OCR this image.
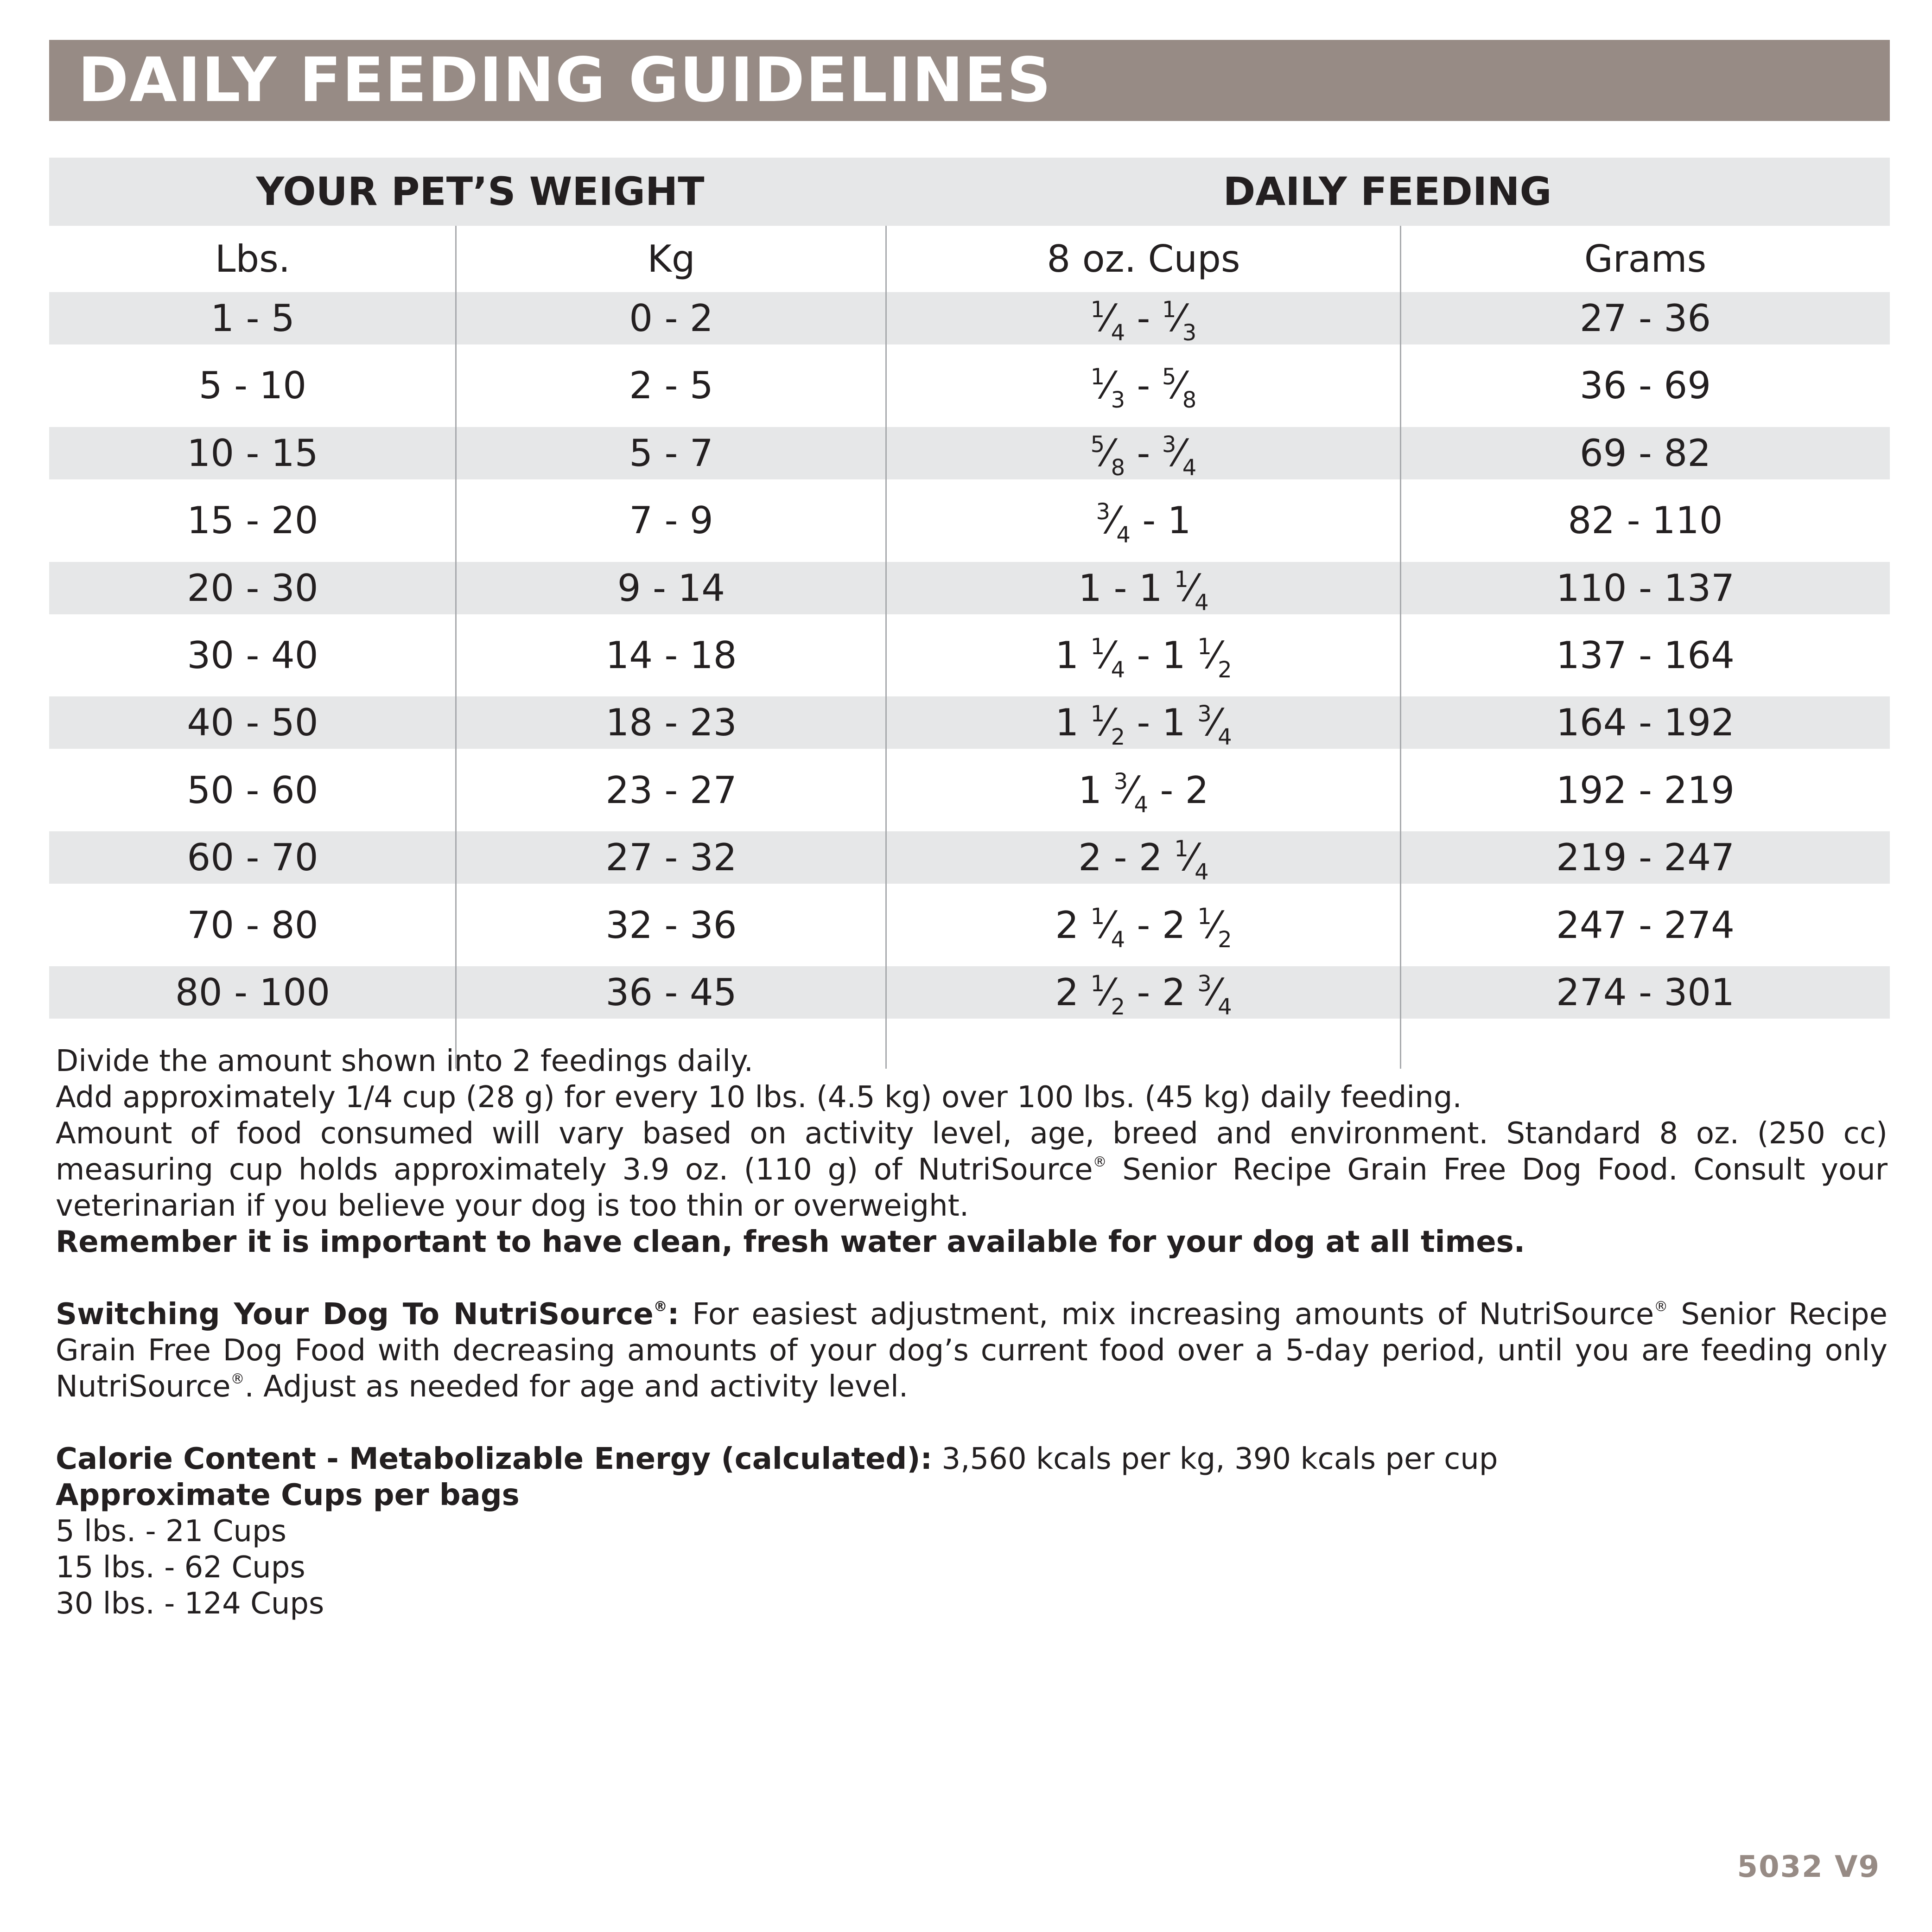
DAILY FEEDING GUIDELINES
YOUR PET’S WEIGHT	DAILY FEEDING
Lbs.	Kg	8 oz. Cups	Grams
1 - 5	0 - 2	$^1⁄_4$ - $^1⁄_3$	27 - 36
5 - 10	2 - 5	$^1⁄_3$ - $^5⁄_8$	36 - 69
10 - 15	5 - 7	$^5⁄_8$ - $^3⁄_4$	69 - 82
15 - 20	7 - 9	$^3⁄_4 - 1$	82 - 110
20 - 30	9 - 14	1 - 1 $^1⁄_4$	110 - 137
30 - 40	14 - 18	1 $^1⁄_4 - 1$ $^1⁄_2$	137 - 164
40 - 50	18 - 23	1 $^1⁄_2 - 1$ $^3⁄_4$	164 - 192
50 - 60	23 - 27	1 $^3⁄_4 - 2$	192 - 219
60 - 70	27 - 32	2 - 2 $^1⁄_4$	219 - 247
70 - 80	32 - 36	2 $^1⁄_4 - 2$ $^1⁄_2$	247 - 274
80 - 100	36 - 45	2 $^1⁄_2 - 2$ $^3⁄_4$	274 - 301

Divide the amount shown into 2 feedings daily.

Add approximately 1/4 cup (28 g) for every 10 lbs. (4.5 kg) over 100 lbs. (45 kg) daily feeding.

Amount of food consumed will vary based on activity level, age, breed and environment. Standard 8 oz. (250 cc) measuring cup holds approximately 3.9 oz. (110 g) of NutriSource® Senior Recipe Grain Free Dog Food. Consult your veterinarian if you believe your dog is too thin or overweight.

Remember it is important to have clean, fresh water available for your dog at all times.

Switching Your Dog To NutriSource®: For easiest adjustment, mix increasing amounts of NutriSource® Senior Recipe Grain Free Dog Food with decreasing amounts of your dog’s current food over a 5-day period, until you are feeding only NutriSource®. Adjust as needed for age and activity level.

Calorie Content - Metabolizable Energy (calculated): 3,560 kcals per kg, 390 kcals per cup

Approximate Cups per bags

5 lbs. - 21 Cups

15 lbs. - 62 Cups

30 lbs. - 124 Cups

5032 V9
